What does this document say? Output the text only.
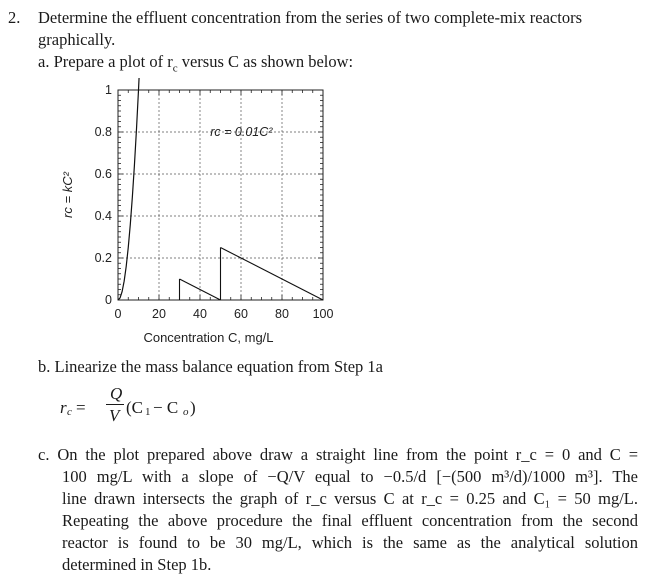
2. Determine the effluent concentration from the series of two complete-mix reactors
graphically.
a. Prepare a plot of $r_c$ versus C as shown below:
0 20 40 60 80 100
0
0.2
0.4
0.6
0.8
1
Concentration C, mg/L
rc = kC²
rc = 0.01C²
b. Linearize the mass balance equation from Step 1a
r c =
Q
V (C 1 − C o )
c. On the plot prepared above draw a straight line from the point r_c = 0 and C =
100 mg/L with a slope of −Q/V equal to −0.5/d [−(500 m³/d)/1000 m³]. The
line drawn intersects the graph of r_c versus C at r_c = 0.25 and C₁ = 50 mg/L.
Repeating the above procedure the final effluent concentration from the second
reactor is found to be 30 mg/L, which is the same as the analytical solution
determined in Step 1b.
